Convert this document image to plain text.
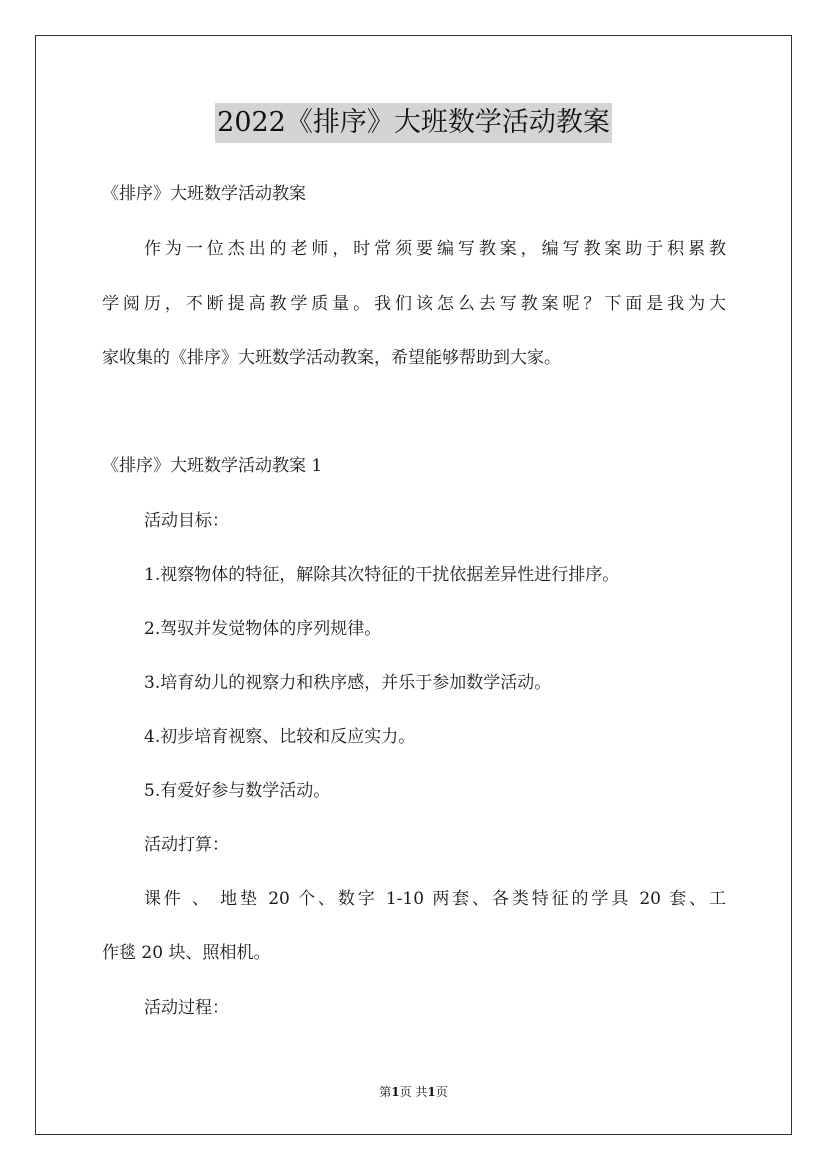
2022《排序》大班数学活动教案
《排序》大班数学活动教案
作为一位杰出的老师，时常须要编写教案，编写教案助于积累教
学阅历，不断提高教学质量。我们该怎么去写教案呢？下面是我为大
家收集的《排序》大班数学活动教案，希望能够帮助到大家。
《排序》大班数学活动教案 1
活动目标：
1.视察物体的特征，解除其次特征的干扰依据差异性进行排序。
2.驾驭并发觉物体的序列规律。
3.培育幼儿的视察力和秩序感，并乐于参加数学活动。
4.初步培育视察、比较和反应实力。
5.有爱好参与数学活动。
活动打算：
课件 、 地垫 20 个、数字 1-10 两套、各类特征的学具 20 套、工
作毯 20 块、照相机。
活动过程：
第1页 共1页
